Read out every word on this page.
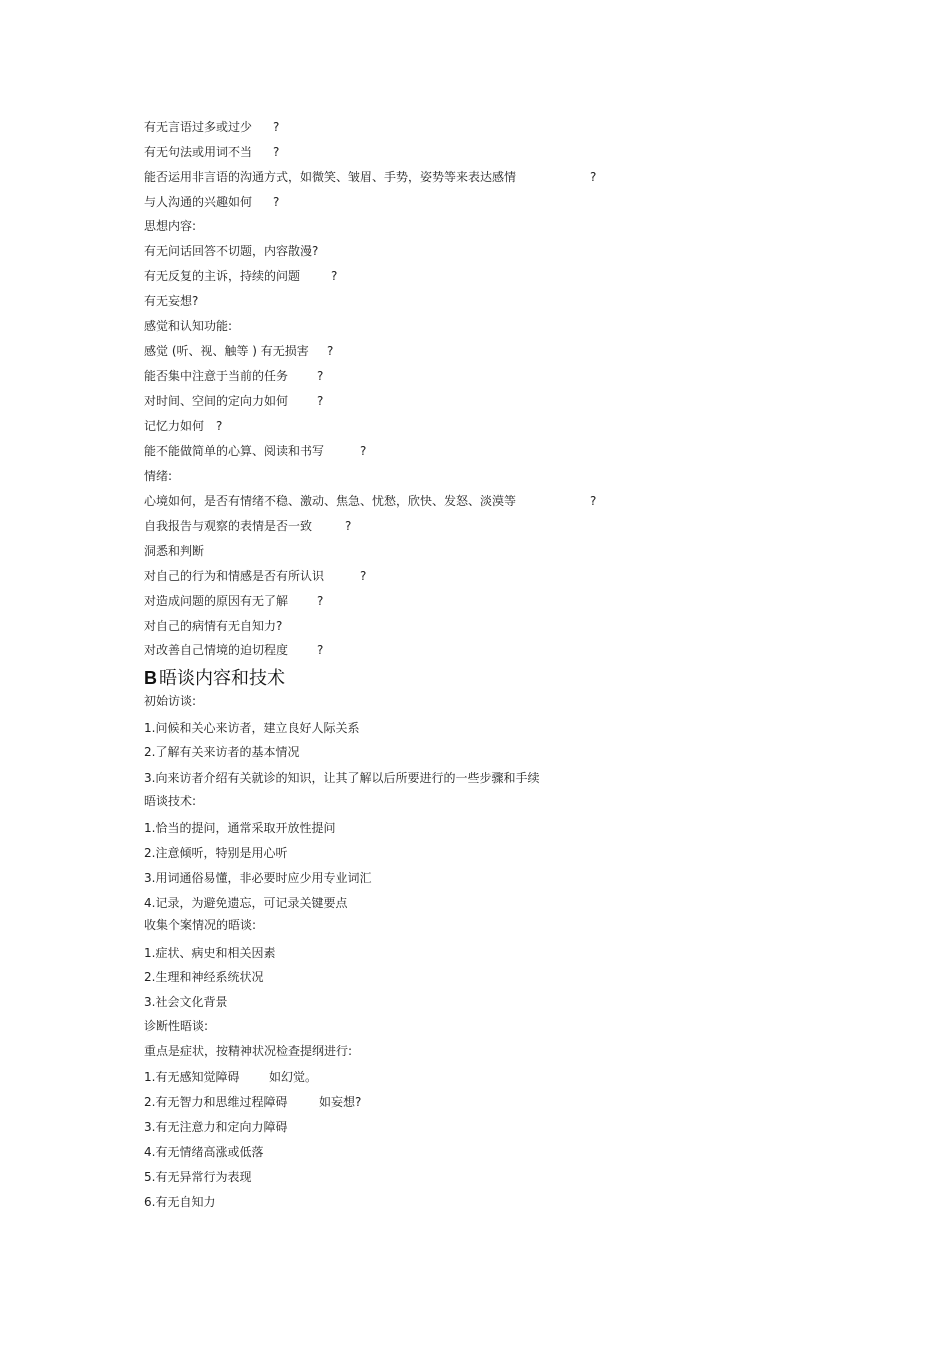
有无言语过多或过少 ?
有无句法或用词不当 ?
能否运用非言语的沟通方式，如微笑、皱眉、手势，姿势等来表达感情	?
与人沟通的兴趣如何 ?
思想内容:
有无问话回答不切题，内容散漫?
有无反复的主诉，持续的问题	?
有无妄想?
感觉和认知功能:
感觉 (听、视、触等 ) 有无损害 ?
能否集中注意于当前的任务 ?
对时间、空间的定向力如何 ?
记忆力如何 ?
能不能做简单的心算、阅读和书写	?
情绪:
心境如何，是否有情绪不稳、激动、焦急、忧愁，欣快、发怒、淡漠等	?
自我报告与观察的表情是否一致	?
洞悉和判断
对自己的行为和情感是否有所认识	?
对造成问题的原因有无了解 ?
对自己的病情有无自知力?
对改善自己情境的迫切程度 ?
B 晤谈内容和技术
初始访谈:
1.问候和关心来访者，建立良好人际关系
2.了解有关来访者的基本情况
3.向来访者介绍有关就诊的知识，让其了解以后所要进行的一些步骤和手续
晤谈技术:
1.恰当的提问，通常采取开放性提问
2.注意倾听，特别是用心听
3.用词通俗易懂，非必要时应少用专业词汇
4.记录，为避免遗忘，可记录关键要点
收集个案情况的晤谈:
1.症状、病史和相关因素
2.生理和神经系统状况
3.社会文化背景
诊断性晤谈:
重点是症状，按精神状况检查提纲进行:
1.有无感知觉障碍 如幻觉。
2.有无智力和思维过程障碍	如妄想?
3.有无注意力和定向力障碍
4.有无情绪高涨或低落
5.有无异常行为表现
6.有无自知力
